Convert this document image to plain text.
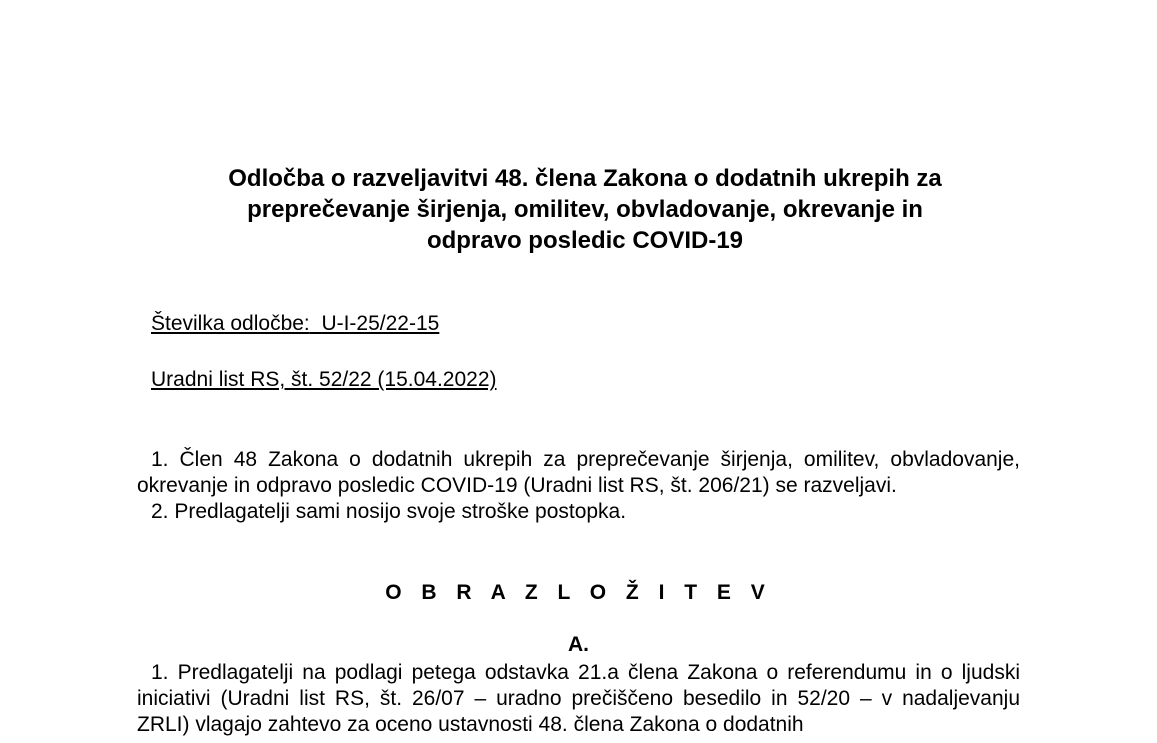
Odločba o razveljavitvi 48. člena Zakona o dodatnih ukrepih za
preprečevanje širjenja, omilitev, obvladovanje, okrevanje in
odpravo posledic COVID-19
Številka odločbe: U-I-25/22-15
Uradni list RS, št. 52/22 (15.04.2022)

1. Člen 48 Zakona o dodatnih ukrepih za preprečevanje širjenja, omilitev, obvladovanje, okrevanje in odpravo posledic COVID-19 (Uradni list RS, št. 206/21) se razveljavi.

2. Predlagatelji sami nosijo svoje stroške postopka.

O B R A Z L O Ž I T E V
A.

1. Predlagatelji na podlagi petega odstavka 21.a člena Zakona o referendumu in o ljudski iniciativi (Uradni list RS, št. 26/07 – uradno prečiščeno besedilo in 52/20 – v nadaljevanju ZRLI) vlagajo zahtevo za oceno ustavnosti 48. člena Zakona o dodatnih
